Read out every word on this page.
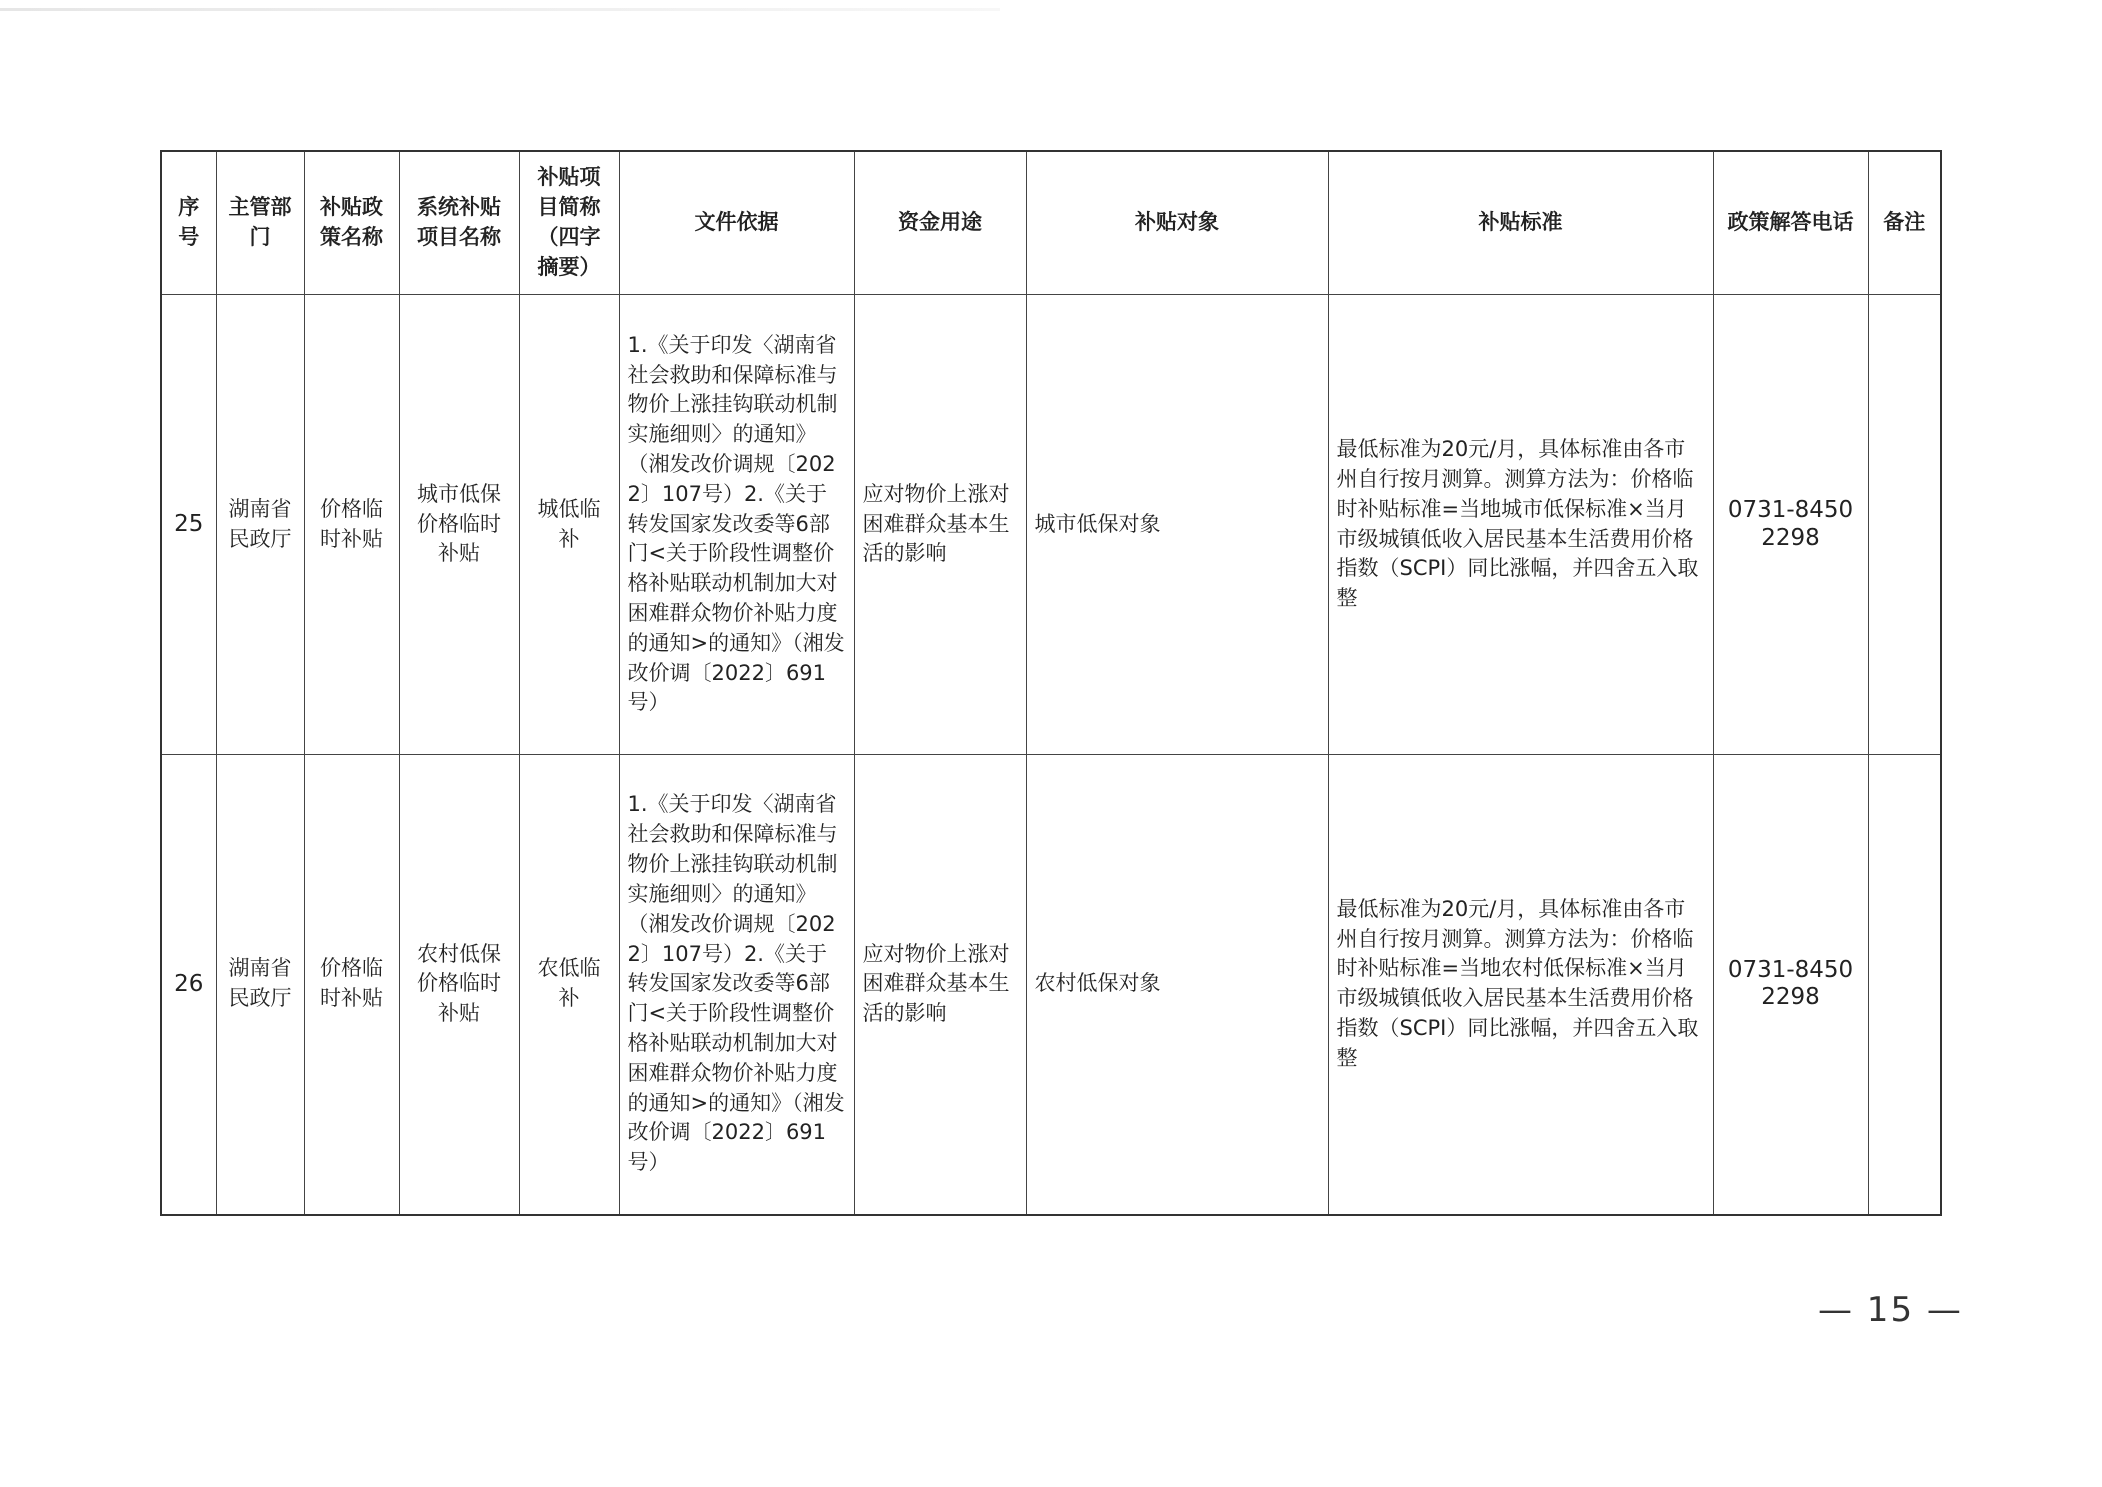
序号	主管部门	补贴政策名称	系统补贴项目名称	补贴项目简称（四字摘要）	文件依据	资金用途	补贴对象	补贴标准	政策解答电话	备注
25	湖南省民政厅	价格临时补贴	城市低保价格临时补贴	城低临补	1.《关于印发〈湖南省社会救助和保障标准与物价上涨挂钩联动机制实施细则〉的通知》（湘发改价调规〔2022〕107号）2.《关于转发国家发改委等6部门<关于阶段性调整价格补贴联动机制加大对困难群众物价补贴力度的通知>的通知》（湘发改价调〔2022〕691号）	应对物价上涨对困难群众基本生活的影响	城市低保对象	最低标准为20元/月，具体标准由各市州自行按月测算。测算方法为：价格临时补贴标准=当地城市低保标准×当月市级城镇低收入居民基本生活费用价格指数（SCPI）同比涨幅，并四舍五入取整	0731-8450 2298	
26	湖南省民政厅	价格临时补贴	农村低保价格临时补贴	农低临补	1.《关于印发〈湖南省社会救助和保障标准与物价上涨挂钩联动机制实施细则〉的通知》（湘发改价调规〔2022〕107号）2.《关于转发国家发改委等6部门<关于阶段性调整价格补贴联动机制加大对困难群众物价补贴力度的通知>的通知》（湘发改价调〔2022〕691号）	应对物价上涨对困难群众基本生活的影响	农村低保对象	最低标准为20元/月，具体标准由各市州自行按月测算。测算方法为：价格临时补贴标准=当地农村低保标准×当月市级城镇低收入居民基本生活费用价格指数（SCPI）同比涨幅，并四舍五入取整	0731-8450 2298	
— 15 —
